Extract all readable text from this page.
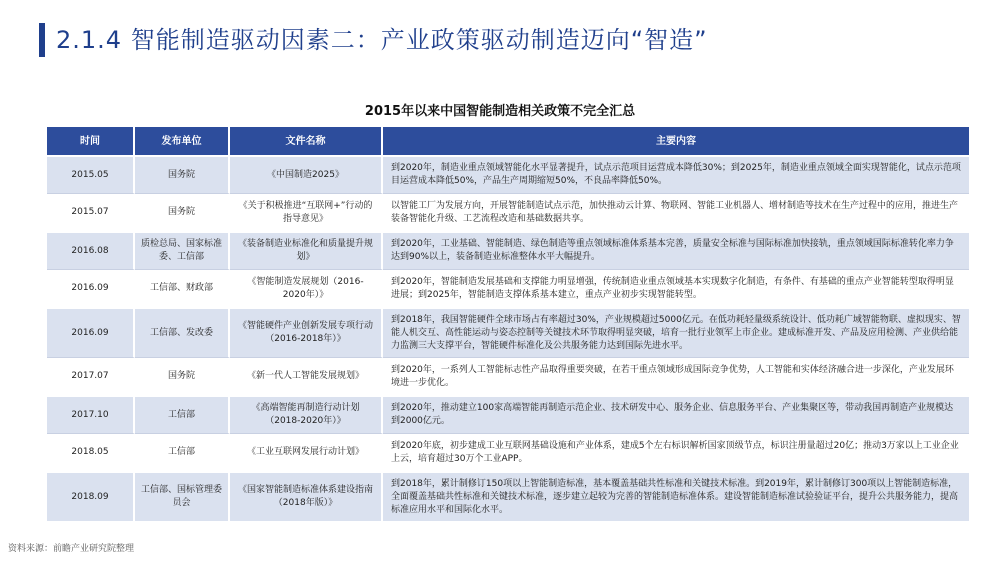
2.1.4 智能制造驱动因素二：产业政策驱动制造迈向“智造”
2015年以来中国智能制造相关政策不完全汇总
时间	发布单位	文件名称	主要内容
2015.05	国务院	《中国制造2025》	到2020年，制造业重点领域智能化水平显著提升，试点示范项目运营成本降低30%；到2025年，制造业重点领域全面实现智能化，试点示范项目运营成本降低50%，产品生产周期缩短50%，不良品率降低50%。
2015.07	国务院	《关于积极推进“互联网+”行动的指导意见》	以智能工厂为发展方向，开展智能制造试点示范，加快推动云计算、物联网、智能工业机器人、增材制造等技术在生产过程中的应用，推进生产装备智能化升级、工艺流程改造和基础数据共享。
2016.08	质检总局、国家标准委、工信部	《装备制造业标准化和质量提升规划》	到2020年，工业基础、智能制造、绿色制造等重点领域标准体系基本完善，质量安全标准与国际标准加快接轨，重点领域国际标准转化率力争达到90%以上，装备制造业标准整体水平大幅提升。
2016.09	工信部、财政部	《智能制造发展规划（2016-2020年）》	到2020年，智能制造发展基础和支撑能力明显增强，传统制造业重点领域基本实现数字化制造，有条件、有基础的重点产业智能转型取得明显进展；到2025年，智能制造支撑体系基本建立，重点产业初步实现智能转型。
2016.09	工信部、发改委	《智能硬件产业创新发展专项行动（2016-2018年）》	到2018年，我国智能硬件全球市场占有率超过30%，产业规模超过5000亿元。在低功耗轻量级系统设计、低功耗广域智能物联、虚拟现实、智能人机交互、高性能运动与姿态控制等关键技术环节取得明显突破，培育一批行业领军上市企业。建成标准开发、产品及应用检测、产业供给能力监测三大支撑平台，智能硬件标准化及公共服务能力达到国际先进水平。
2017.07	国务院	《新一代人工智能发展规划》	到2020年，一系列人工智能标志性产品取得重要突破，在若干重点领域形成国际竞争优势，人工智能和实体经济融合进一步深化，产业发展环境进一步优化。
2017.10	工信部	《高端智能再制造行动计划（2018-2020年）》	到2020年，推动建立100家高端智能再制造示范企业、技术研发中心、服务企业、信息服务平台、产业集聚区等，带动我国再制造产业规模达到2000亿元。
2018.05	工信部	《工业互联网发展行动计划》	到2020年底，初步建成工业互联网基础设施和产业体系，建成5个左右标识解析国家顶级节点，标识注册量超过20亿；推动3万家以上工业企业上云，培育超过30万个工业APP。
2018.09	工信部、国标管理委员会	《国家智能制造标准体系建设指南（2018年版）》	到2018年，累计制修订150项以上智能制造标准，基本覆盖基础共性标准和关键技术标准。到2019年，累计制修订300项以上智能制造标准，全面覆盖基础共性标准和关键技术标准，逐步建立起较为完善的智能制造标准体系。建设智能制造标准试验验证平台，提升公共服务能力，提高标准应用水平和国际化水平。
资料来源：前瞻产业研究院整理
